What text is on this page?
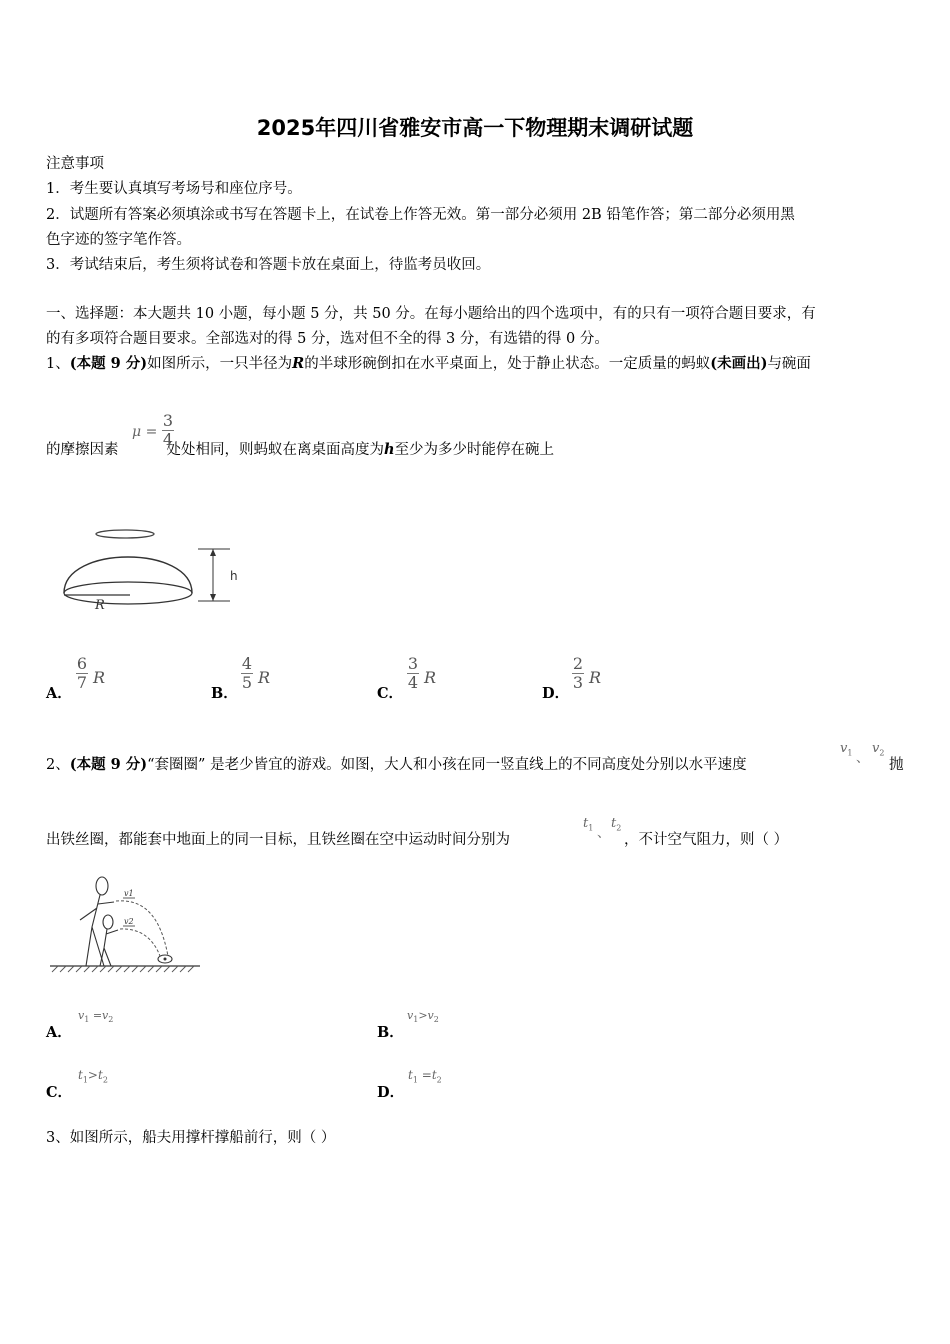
2025年四川省雅安市高一下物理期末调研试题
注意事项
1．考生要认真填写考场号和座位序号。
2．试题所有答案必须填涂或书写在答题卡上，在试卷上作答无效。第一部分必须用 2B 铅笔作答；第二部分必须用黑
色字迹的签字笔作答。
3．考试结束后，考生须将试卷和答题卡放在桌面上，待监考员收回。
一、选择题：本大题共 10 小题，每小题 5 分，共 50 分。在每小题给出的四个选项中，有的只有一项符合题目要求，有
的有多项符合题目要求。全部选对的得 5 分，选对但不全的得 3 分，有选错的得 0 分。
1、(本题 9 分)如图所示，一只半径为R的半球形碗倒扣在水平桌面上，处于静止状态。一定质量的蚂蚁(未画出)与碗面
的摩擦因素	处处相同，则蚂蚁在离桌面高度为h至少为多少时能停在碗上
μ =
3
4
R
h
A．
6
7 R
B．
4
5 R
C．
3
4 R
D．
2
3 R
2、(本题 9 分)“套圈圈” 是老少皆宜的游戏。如图，大人和小孩在同一竖直线上的不同高度处分别以水平速度
$v_1$ 、
$v_2$
抛
出铁丝圈，都能套中地面上的同一目标，且铁丝圈在空中运动时间分别为
$t_1$ 、
$t_2$
，不计空气阻力，则（ ）
v1
v2
A．
$v_1 =v_2$
B．
$v_1>v_2$
C．
$t_1>t_2$
D．
$t_1 =t_2$
3、如图所示，船夫用撑杆撑船前行，则（ ）
